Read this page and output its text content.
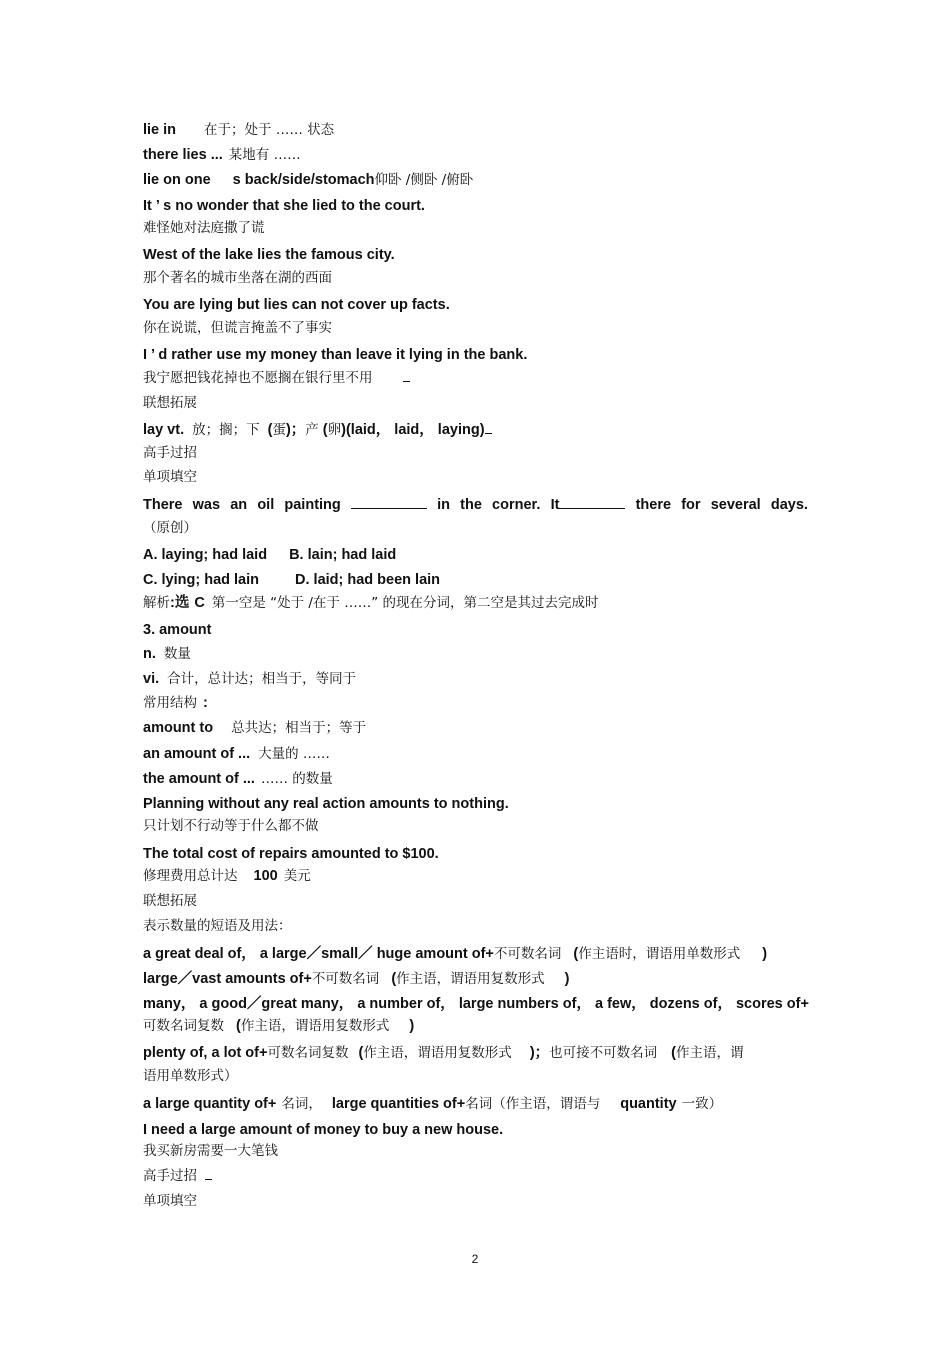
lie in 在于；处于 …… 状态
there lies ... 某地有 ……
lie on one s back/side/stomach仰卧 /侧卧 /俯卧
It ’ s no wonder that she lied to the court.
难怪她对法庭撒了谎
West of the lake lies the famous city.
那个著名的城市坐落在湖的西面
You are lying but lies can not cover up facts.
你在说谎，但谎言掩盖不了事实
I ’ d rather use my money than leave it lying in the bank.
我宁愿把钱花掉也不愿搁在银行里不用
联想拓展
lay vt. 放；搁；下 (蛋)；产 (卵)(laid， laid， laying)
高手过招
单项填空
There was an oil painting	in the corner. It	there for several days.
（原创）
A. laying; had laid B. lain; had laid
C. lying; had lain D. laid; had been lain
解析:选 C 第一空是 “处于 /在于 ……” 的现在分词，第二空是其过去完成时
3. amount
n. 数量
vi. 合计，总计达；相当于，等同于
常用结构 :
amount to 总共达；相当于；等于
an amount of ... 大量的 ……
the amount of ... …… 的数量
Planning without any real action amounts to nothing.
只计划不行动等于什么都不做
The total cost of repairs amounted to $100.
修理费用总计达 100 美元
联想拓展
表示数量的短语及用法：
a great deal of， a large／small／ huge amount of+不可数名词 (作主语时，谓语用单数形式 )
large／vast amounts of+不可数名词 (作主语，谓语用复数形式 )
many， a good／great many， a number of， large numbers of， a few， dozens of， scores of+
可数名词复数 (作主语，谓语用复数形式 )
plenty of, a lot of+可数名词复数 (作主语，谓语用复数形式 )；也可接不可数名词 (作主语，谓
语用单数形式）
a large quantity of+ 名词， large quantities of+名词（作主语，谓语与 quantity 一致）
I need a large amount of money to buy a new house.
我买新房需要一大笔钱
高手过招
单项填空
2
